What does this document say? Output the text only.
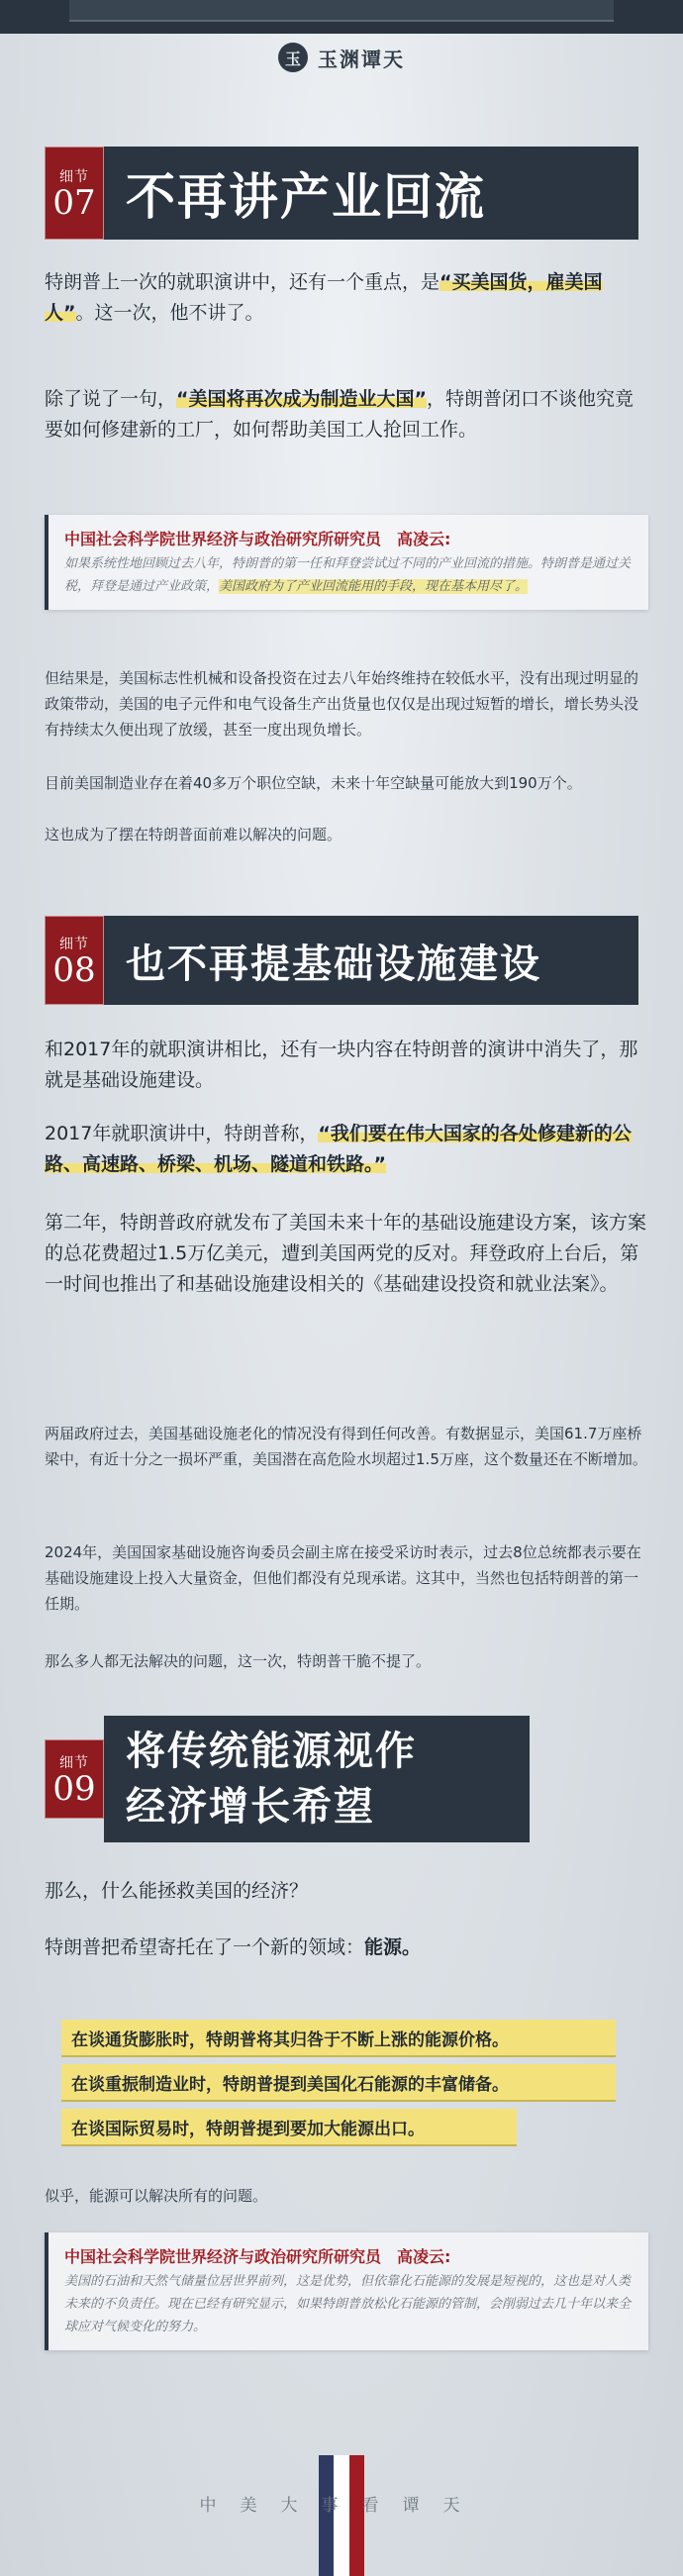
玉 玉渊谭天
细节
07 不再讲产业回流
特朗普上一次的就职演讲中，还有一个重点，是“买美国货，雇美国人”。这一次，他不讲了。
除了说了一句，“美国将再次成为制造业大国”，特朗普闭口不谈他究竟要如何修建新的工厂，如何帮助美国工人抢回工作。
中国社会科学院世界经济与政治研究所研究员　高凌云:
如果系统性地回顾过去八年，特朗普的第一任和拜登尝试过不同的产业回流的措施。特朗普是通过关税，拜登是通过产业政策，美国政府为了产业回流能用的手段，现在基本用尽了。
但结果是，美国标志性机械和设备投资在过去八年始终维持在较低水平，没有出现过明显的政策带动，美国的电子元件和电气设备生产出货量也仅仅是出现过短暂的增长，增长势头没有持续太久便出现了放缓，甚至一度出现负增长。
目前美国制造业存在着40多万个职位空缺，未来十年空缺量可能放大到190万个。
这也成为了摆在特朗普面前难以解决的问题。
细节
08 也不再提基础设施建设
和2017年的就职演讲相比，还有一块内容在特朗普的演讲中消失了，那就是基础设施建设。
2017年就职演讲中，特朗普称，“我们要在伟大国家的各处修建新的公路、高速路、桥梁、机场、隧道和铁路。”
第二年，特朗普政府就发布了美国未来十年的基础设施建设方案，该方案的总花费超过1.5万亿美元，遭到美国两党的反对。拜登政府上台后，第一时间也推出了和基础设施建设相关的《基础建设投资和就业法案》。
两届政府过去，美国基础设施老化的情况没有得到任何改善。有数据显示，美国61.7万座桥梁中，有近十分之一损坏严重，美国潜在高危险水坝超过1.5万座，这个数量还在不断增加。
2024年，美国国家基础设施咨询委员会副主席在接受采访时表示，过去8位总统都表示要在基础设施建设上投入大量资金，但他们都没有兑现承诺。这其中，当然也包括特朗普的第一任期。
那么多人都无法解决的问题，这一次，特朗普干脆不提了。
细节
09
将传统能源视作
经济增长希望
那么，什么能拯救美国的经济？
特朗普把希望寄托在了一个新的领域：能源。
在谈通货膨胀时，特朗普将其归咎于不断上涨的能源价格。
在谈重振制造业时，特朗普提到美国化石能源的丰富储备。
在谈国际贸易时，特朗普提到要加大能源出口。
似乎，能源可以解决所有的问题。
中国社会科学院世界经济与政治研究所研究员　高凌云:
美国的石油和天然气储量位居世界前列，这是优势，但依靠化石能源的发展是短视的，这也是对人类未来的不负责任。现在已经有研究显示，如果特朗普放松化石能源的管制，会削弱过去几十年以来全球应对气候变化的努力。
中美大事看谭天
